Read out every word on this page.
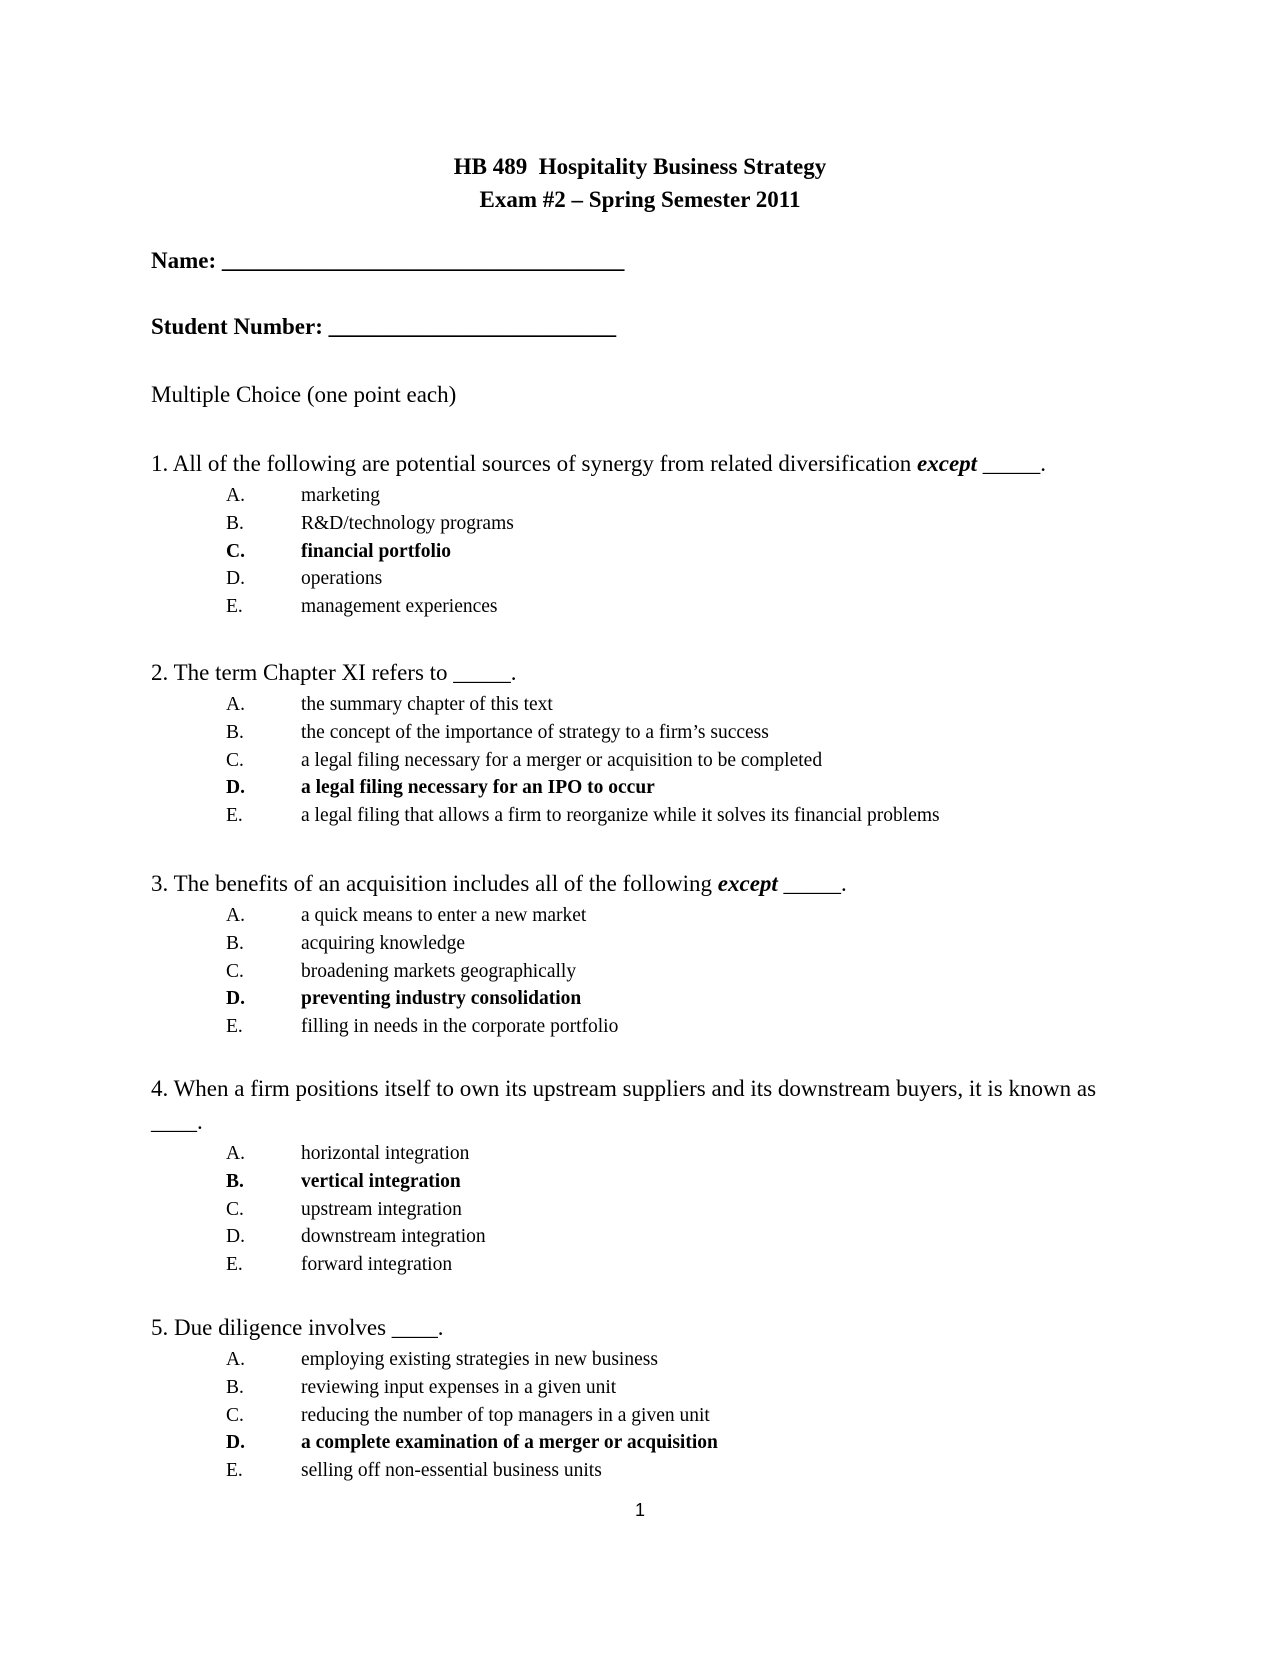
HB 489  Hospitality Business Strategy
Exam #2 – Spring Semester 2011
Name: ___________________________________
Student Number: _________________________
Multiple Choice (one point each)

1. All of the following are potential sources of synergy from related diversification except _____.

A.	marketing
B.	R&D/technology programs
C.	financial portfolio
D.	operations
E.	management experiences

2. The term Chapter XI refers to _____.

A.	the summary chapter of this text
B.	the concept of the importance of strategy to a firm’s success
C.	a legal filing necessary for a merger or acquisition to be completed
D.	a legal filing necessary for an IPO to occur
E.	a legal filing that allows a firm to reorganize while it solves its financial problems

3. The benefits of an acquisition includes all of the following except _____.

A.	a quick means to enter a new market
B.	acquiring knowledge
C.	broadening markets geographically
D.	preventing industry consolidation
E.	filling in needs in the corporate portfolio

4. When a firm positions itself to own its upstream suppliers and its downstream buyers, it is known as ____.

A.	horizontal integration
B.	vertical integration
C.	upstream integration
D.	downstream integration
E.	forward integration

5. Due diligence involves ____.

A.	employing existing strategies in new business
B.	reviewing input expenses in a given unit
C.	reducing the number of top managers in a given unit
D.	a complete examination of a merger or acquisition
E.	selling off non-essential business units
1
